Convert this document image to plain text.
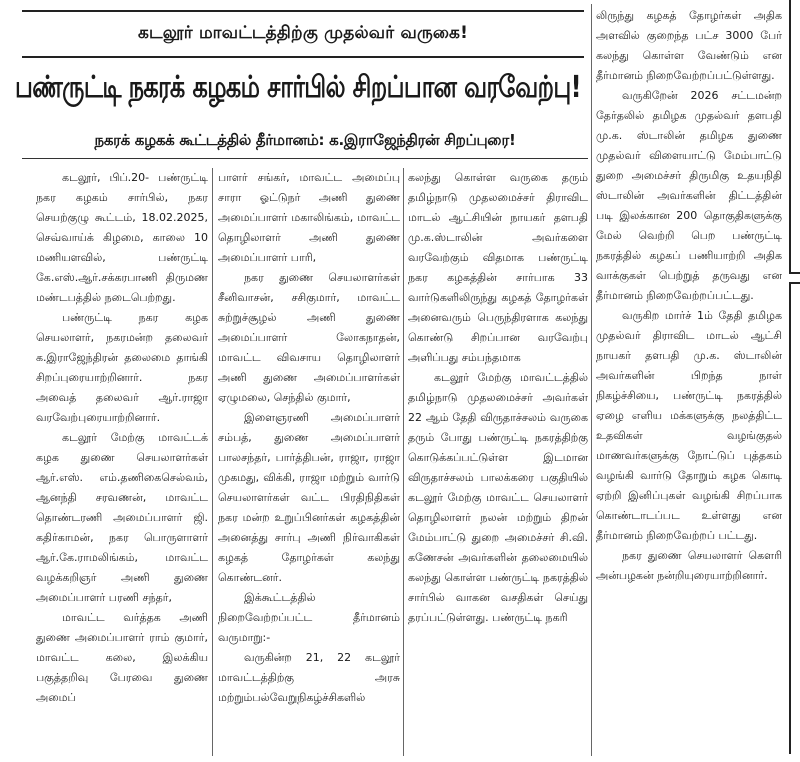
கடலூர் மாவட்டத்திற்கு முதல்வர் வருகை!
பண்ருட்டி நகரக் கழகம் சார்பில் சிறப்பான வரவேற்பு!
நகரக் கழகக் கூட்டத்தில் தீர்மானம்: க.இராஜேந்திரன் சிறப்புரை!

கடலூர், பிப்.20- பண்ருட்டி நகர கழகம் சார்பில், நகர செயற்குழு கூட்டம், 18.02.2025, செவ்வாய்க் கிழமை, காலை 10 மணியளவில், பண்ருட்டி கே.எஸ்.ஆர்.சக்கரபாணி திருமண மண்டபத்தில் நடைபெற்றது.

பண்ருட்டி நகர கழக செயலாளர், நகரமன்ற தலைவர் க.இராஜேந்திரன் தலைமை தாங்கி சிறப்புரையாற்றினார். நகர அவைத் தலைவர் ஆர்.ராஜா வரவேற்புரையாற்றினார்.

கடலூர் மேற்கு மாவட்டக் கழக துணை செயலாளர்கள் ஆர்.எஸ். எம்.தணிகைசெல்வம், ஆனந்தி சரவணன், மாவட்ட தொண்டரணி அமைப்பாளர் ஜி. கதிர்காமன், நகர பொருளாளர் ஆர்.கே.ராமலிங்கம், மாவட்ட வழக்கறிஞர் அணி துணை அமைப்பாளர் பரணி சந்தர்,

மாவட்ட வர்த்தக அணி துணை அமைப்பாளர் ராம் குமார், மாவட்ட கலை, இலக்கிய பகுத்தறிவு பேரவை துணை அமைப்

பாளர் சங்கர், மாவட்ட அமைப்பு சாரா ஓட்டுநர் அணி துணை அமைப்பாளர் மகாலிங்கம், மாவட்ட தொழிலாளர் அணி துணை அமைப்பாளர் பாரி,

நகர துணை செயலாளர்கள் சீனிவாசன், சசிகுமார், மாவட்ட சுற்றுச்சூழல் அணி துணை அமைப்பாளர் லோகநாதன், மாவட்ட விவசாய தொழிலாளர் அணி துணை அமைப்பாளர்கள் ஏழுமலை, செந்தில் குமார்,

இளைஞரணி அமைப்பாளர் சம்பத், துணை அமைப்பாளர் பாலசந்தர், பார்த்திபன், ராஜா, ராஜா முகமது, விக்கி, ராஜா மற்றும் வார்டு செயலாளர்கள் வட்ட பிரதிநிதிகள் நகர மன்ற உறுப்பினர்கள் கழகத்தின் அனைத்து சார்பு அணி நிர்வாகிகள் கழகத் தோழர்கள் கலந்து கொண்டனர்.

இக்கூட்டத்தில் நிறைவேற்றப்பட்ட தீர்மானம் வருமாறு:-

வருகின்ற 21, 22 கடலூர் மாவட்டத்திற்கு அரசு மற்றும்பல்வேறுநிகழ்ச்சிகளில்

கலந்து கொள்ள வருகை தரும் தமிழ்நாடு முதலமைச்சர் திராவிட மாடல் ஆட்சியின் நாயகர் தளபதி மு.க.ஸ்டாலின் அவர்களை வரவேற்கும் விதமாக பண்ருட்டி நகர கழகத்தின் சார்பாக 33 வார்டுகளிலிருந்து கழகத் தோழர்கள் அனைவரும் பெருந்திரளாக கலந்து கொண்டு சிறப்பான வரவேற்பு அளிப்பது சம்பந்தமாக

கடலூர் மேற்கு மாவட்டத்தில் தமிழ்நாடு முதலமைச்சர் அவர்கள் 22 ஆம் தேதி விருதாச்சலம் வருகை தரும் போது பண்ருட்டி நகரத்திற்கு கொடுக்கப்பட்டுள்ள இடமான விருதாச்சலம் பாலக்கரை பகுதியில் கடலூர் மேற்கு மாவட்ட செயலாளர் தொழிலாளர் நலன் மற்றும் திறன் மேம்பாட்டு துறை அமைச்சர் சி.வி. கணேசன் அவர்களின் தலைமையில் கலந்து கொள்ள பண்ருட்டி நகரத்தில் சார்பில் வாகன வசதிகள் செய்து தரப்பட்டுள்ளது. பண்ருட்டி நகரி

லிருந்து கழகத் தோழர்கள் அதிக அளவில் குறைந்த பட்ச 3000 பேர் கலந்து கொள்ள வேண்டும் என தீர்மானம் நிறைவேற்றப்பட்டுள்ளது.

வருகிறேன் 2026 சட்டமன்ற தேர்தலில் தமிழக முதல்வர் தளபதி மு.க. ஸ்டாலின் தமிழக துணை முதல்வர் விளையாட்டு மேம்பாட்டு துறை அமைச்சர் திருமிகு உதயநிதி ஸ்டாலின் அவர்களின் திட்டத்தின் படி இலக்கான 200 தொகுதிகளுக்கு மேல் வெற்றி பெற பண்ருட்டி நகரத்தில் கழகப் பணியாற்றி அதிக வாக்குகள் பெற்றுத் தருவது என தீர்மானம் நிறைவேற்றப்பட்டது.

வருகிற மார்ச் 1ம் தேதி தமிழக முதல்வர் திராவிட மாடல் ஆட்சி நாயகர் தளபதி மு.க. ஸ்டாலின் அவர்களின் பிறந்த நாள் நிகழ்ச்சியை, பண்ருட்டி நகரத்தில் ஏழை எளிய மக்களுக்கு நலத்திட்ட உதவிகள் வழங்குதல் மாணவர்களுக்கு நோட்டுப் புத்தகம் வழங்கி வார்டு தோறும் கழக கொடி ஏற்றி இனிப்புகள் வழங்கி சிறப்பாக கொண்டாடப்பட உள்ளது என தீர்மானம் நிறைவேற்றப் பட்டது.

நகர துணை செயலாளர் கௌரி அன்பழகன் நன்றியுரையாற்றினார்.
